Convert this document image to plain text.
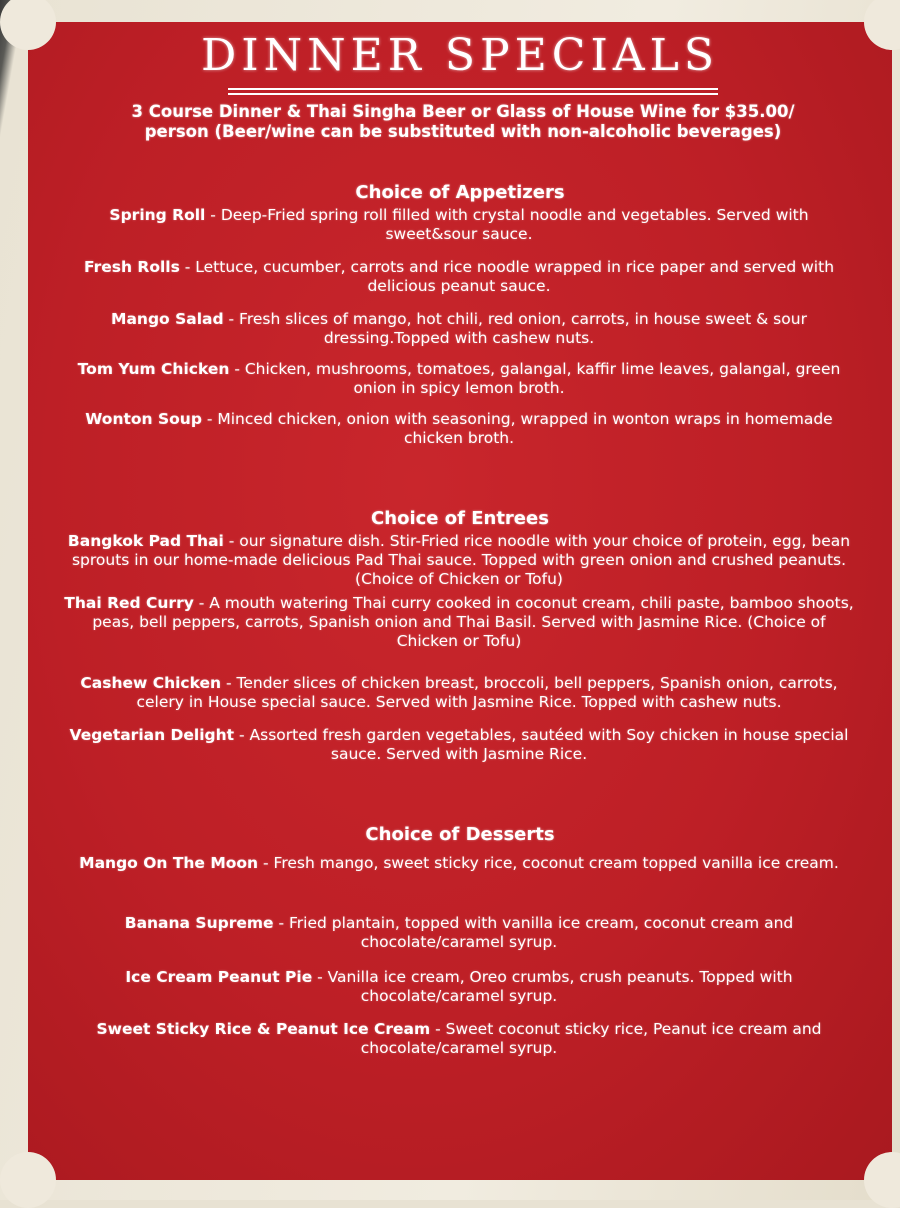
DINNER SPECIALS
3 Course Dinner & Thai Singha Beer or Glass of House Wine for $35.00/ person (Beer/wine can be substituted with non-alcoholic beverages)
Choice of Appetizers
Spring Roll - Deep-Fried spring roll filled with crystal noodle and vegetables. Served with sweet&sour sauce.
Fresh Rolls - Lettuce, cucumber, carrots and rice noodle wrapped in rice paper and served with delicious peanut sauce.
Mango Salad - Fresh slices of mango, hot chili, red onion, carrots, in house sweet & sour dressing.Topped with cashew nuts.
Tom Yum Chicken - Chicken, mushrooms, tomatoes, galangal, kaffir lime leaves, galangal, green onion in spicy lemon broth.
Wonton Soup - Minced chicken, onion with seasoning, wrapped in wonton wraps in homemade chicken broth.
Choice of Entrees
Bangkok Pad Thai - our signature dish. Stir-Fried rice noodle with your choice of protein, egg, bean sprouts in our home-made delicious Pad Thai sauce. Topped with green onion and crushed peanuts. (Choice of Chicken or Tofu)
Thai Red Curry - A mouth watering Thai curry cooked in coconut cream, chili paste, bamboo shoots, peas, bell peppers, carrots, Spanish onion and Thai Basil. Served with Jasmine Rice. (Choice of Chicken or Tofu)
Cashew Chicken - Tender slices of chicken breast, broccoli, bell peppers, Spanish onion, carrots, celery in House special sauce. Served with Jasmine Rice. Topped with cashew nuts.
Vegetarian Delight - Assorted fresh garden vegetables, sautéed with Soy chicken in house special sauce. Served with Jasmine Rice.
Choice of Desserts
Mango On The Moon - Fresh mango, sweet sticky rice, coconut cream topped vanilla ice cream.
Banana Supreme - Fried plantain, topped with vanilla ice cream, coconut cream and chocolate/caramel syrup.
Ice Cream Peanut Pie - Vanilla ice cream, Oreo crumbs, crush peanuts. Topped with chocolate/caramel syrup.
Sweet Sticky Rice & Peanut Ice Cream - Sweet coconut sticky rice, Peanut ice cream and chocolate/caramel syrup.
